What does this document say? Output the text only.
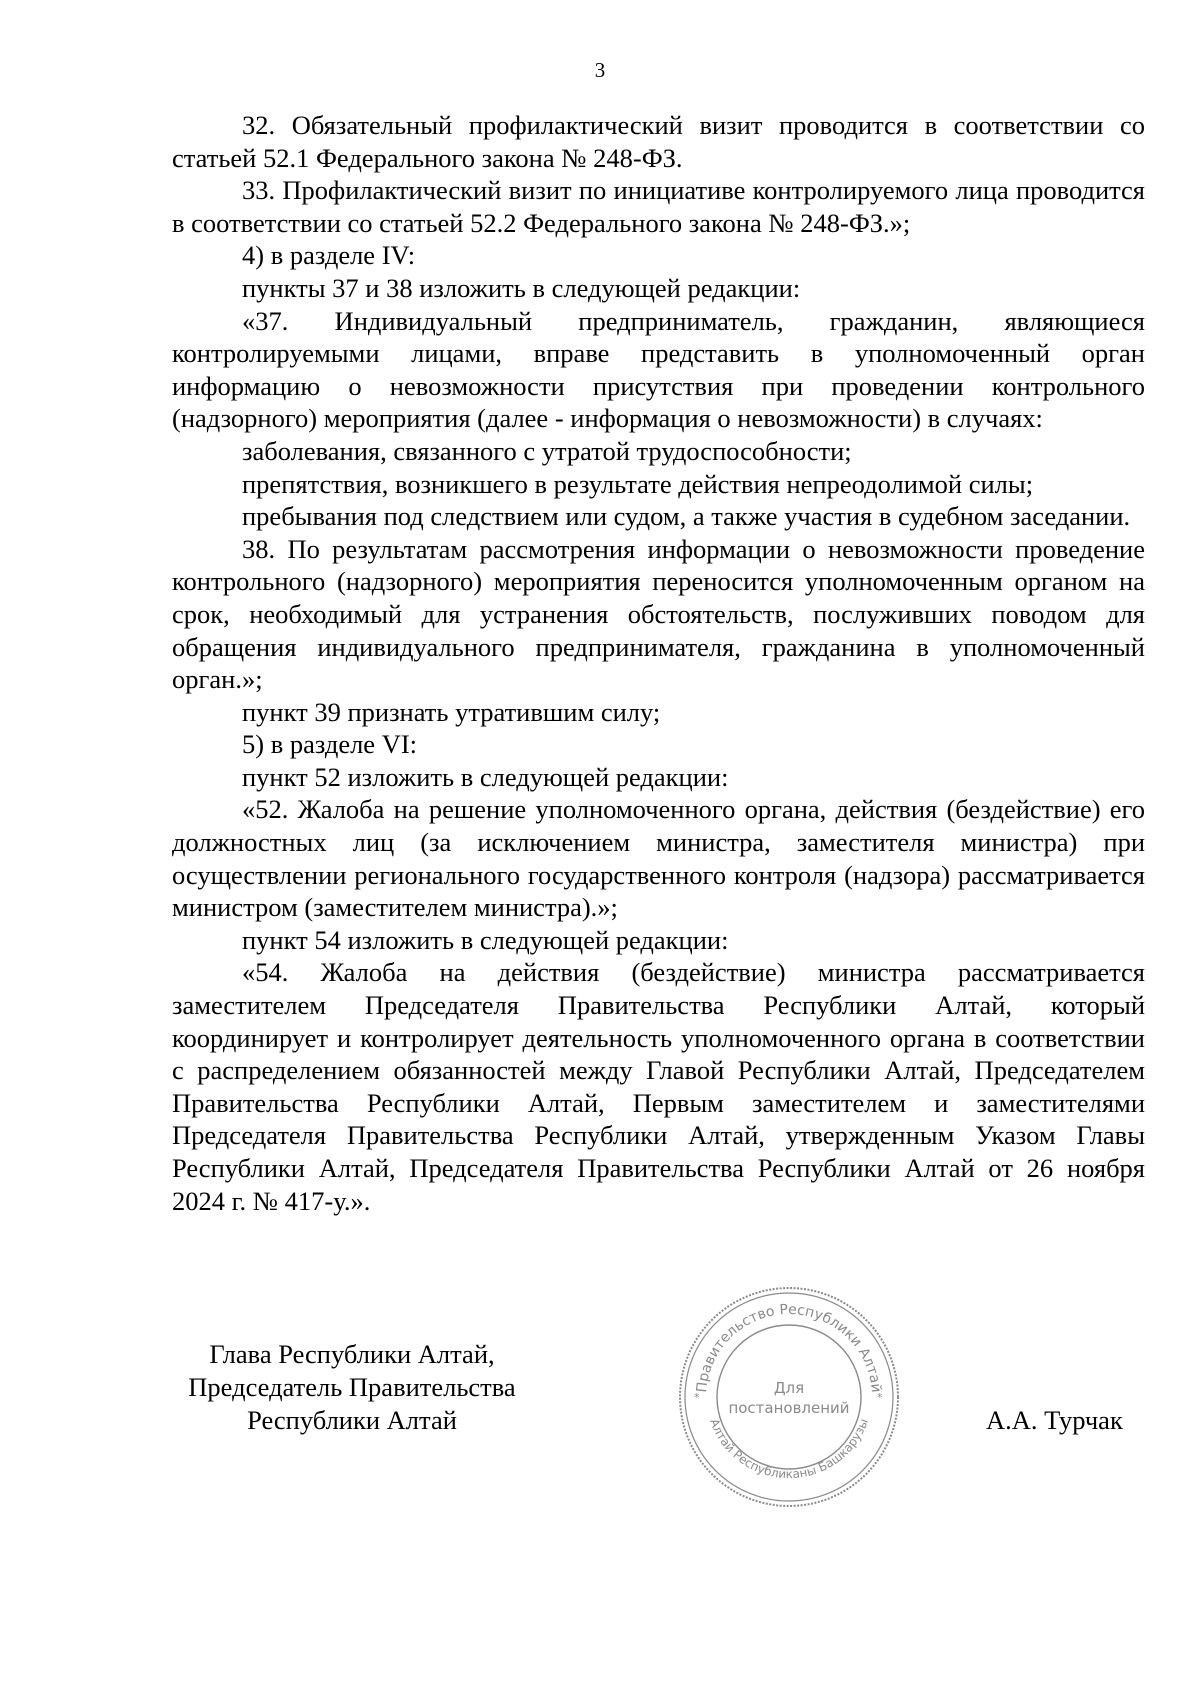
3

32. Обязательный профилактический визит проводится в соответствии со статьей 52.1 Федерального закона № 248-ФЗ.

33. Профилактический визит по инициативе контролируемого лица проводится в соответствии со статьей 52.2 Федерального закона № 248-ФЗ.»;

4) в разделе IV:

пункты 37 и 38 изложить в следующей редакции:

«37. Индивидуальный предприниматель, гражданин, являющиеся контролируемыми лицами, вправе представить в уполномоченный орган информацию о невозможности присутствия при проведении контрольного (надзорного) мероприятия (далее - информация о невозможности) в случаях:

заболевания, связанного с утратой трудоспособности;

препятствия, возникшего в результате действия непреодолимой силы;

пребывания под следствием или судом, а также участия в судебном заседании.

38. По результатам рассмотрения информации о невозможности проведение контрольного (надзорного) мероприятия переносится уполномоченным органом на срок, необходимый для устранения обстоятельств, послуживших поводом для обращения индивидуального предпринимателя, гражданина в уполномоченный орган.»;

пункт 39 признать утратившим силу;

5) в разделе VI:

пункт 52 изложить в следующей редакции:

«52. Жалоба на решение уполномоченного органа, действия (бездействие) его должностных лиц (за исключением министра, заместителя министра) при осуществлении регионального государственного контроля (надзора) рассматривается министром (заместителем министра).»;

пункт 54 изложить в следующей редакции:

«54. Жалоба на действия (бездействие) министра рассматривается заместителем Председателя Правительства Республики Алтай, который координирует и контролирует деятельность уполномоченного органа в соответствии с распределением обязанностей между Главой Республики Алтай, Председателем Правительства Республики Алтай, Первым заместителем и заместителями Председателя Правительства Республики Алтай, утвержденным Указом Главы Республики Алтай, Председателя Правительства Республики Алтай от 26 ноября 2024 г. № 417-у.».

Глава Республики Алтай,
Председатель Правительства
Республики Алтай
Правительство Республики Алтай
Алтай Республиканы Башкарузы
*	*
Для
постановлений	А.А. Турчак
